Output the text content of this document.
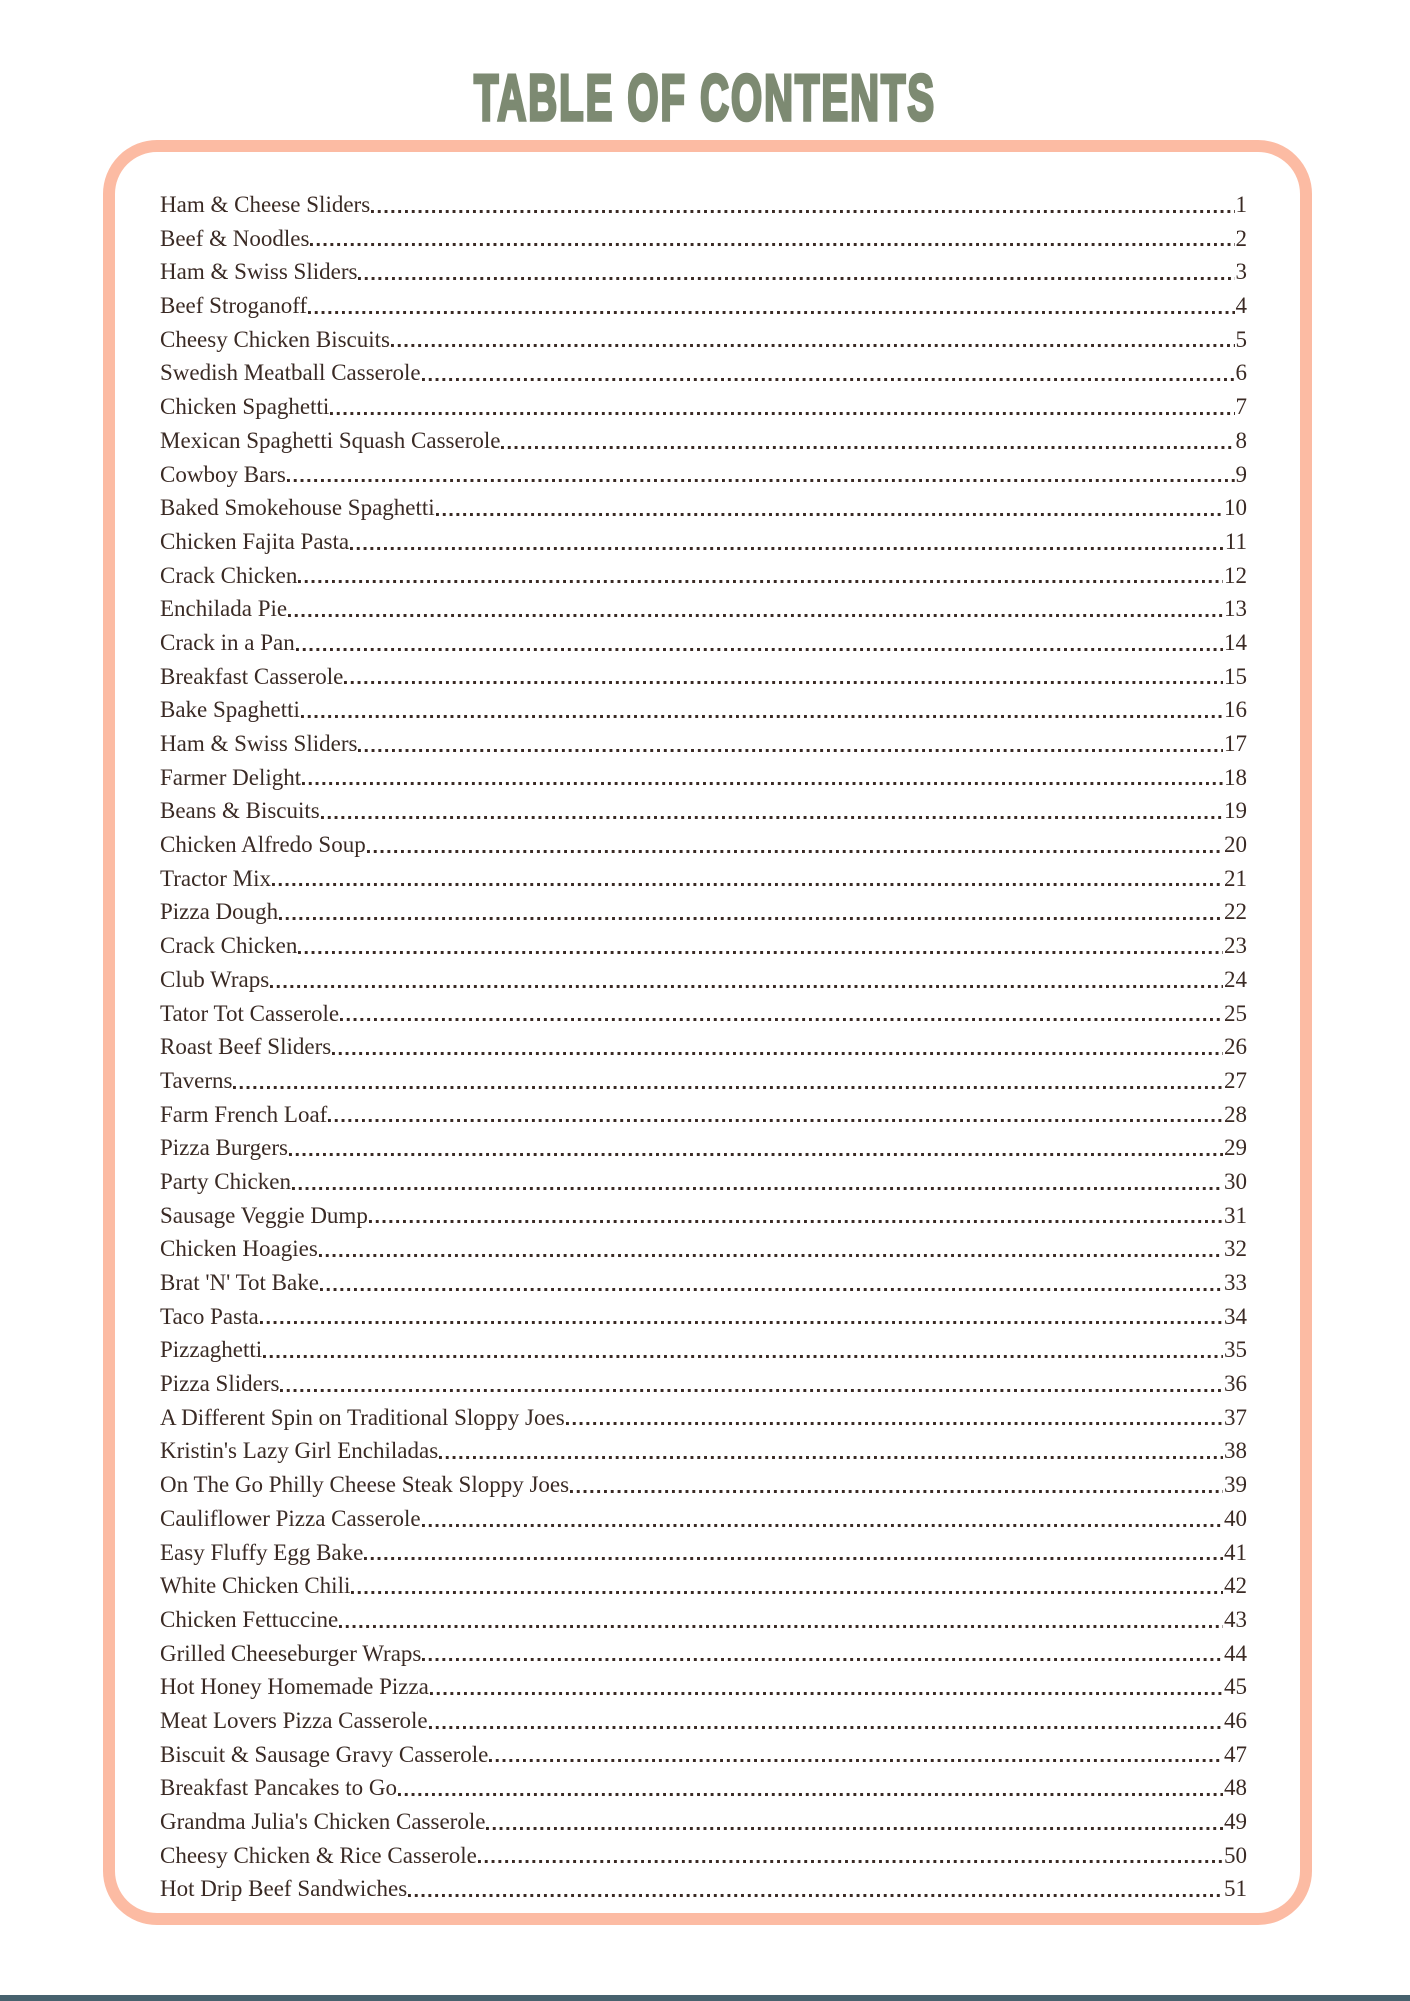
TABLE OF CONTENTS
Ham & Cheese Sliders	1
Beef & Noodles	2
Ham & Swiss Sliders	3
Beef Stroganoff	4
Cheesy Chicken Biscuits	5
Swedish Meatball Casserole	6
Chicken Spaghetti	7
Mexican Spaghetti Squash Casserole	8
Cowboy Bars	9
Baked Smokehouse Spaghetti	10
Chicken Fajita Pasta	11
Crack Chicken	12
Enchilada Pie	13
Crack in a Pan	14
Breakfast Casserole	15
Bake Spaghetti	16
Ham & Swiss Sliders	17
Farmer Delight	18
Beans & Biscuits	19
Chicken Alfredo Soup	20
Tractor Mix	21
Pizza Dough	22
Crack Chicken	23
Club Wraps	24
Tator Tot Casserole	25
Roast Beef Sliders	26
Taverns	27
Farm French Loaf	28
Pizza Burgers	29
Party Chicken	30
Sausage Veggie Dump	31
Chicken Hoagies	32
Brat 'N' Tot Bake	33
Taco Pasta	34
Pizzaghetti	35
Pizza Sliders	36
A Different Spin on Traditional Sloppy Joes	37
Kristin's Lazy Girl Enchiladas	38
On The Go Philly Cheese Steak Sloppy Joes	39
Cauliflower Pizza Casserole	40
Easy Fluffy Egg Bake	41
White Chicken Chili	42
Chicken Fettuccine	43
Grilled Cheeseburger Wraps	44
Hot Honey Homemade Pizza	45
Meat Lovers Pizza Casserole	46
Biscuit & Sausage Gravy Casserole	47
Breakfast Pancakes to Go	48
Grandma Julia's Chicken Casserole	49
Cheesy Chicken & Rice Casserole	50
Hot Drip Beef Sandwiches	51
